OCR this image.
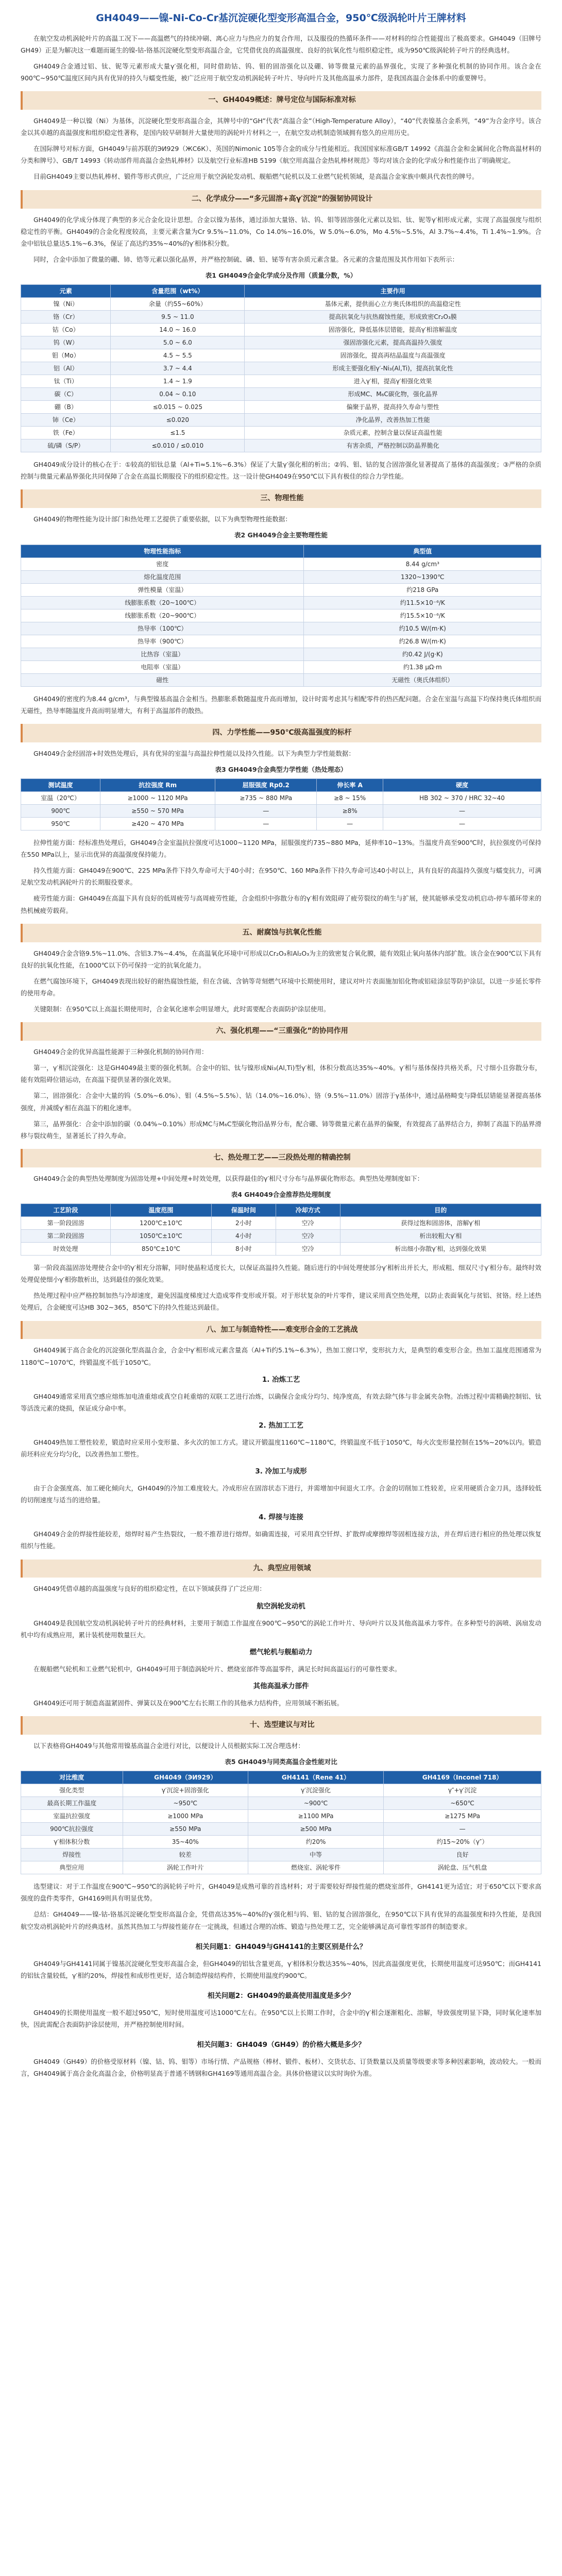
GH4049——镍-Ni-Co-Cr基沉淀硬化型变形高温合金，950℃级涡轮叶片王牌材料

在航空发动机涡轮叶片的高温工况下——高温燃气的持续冲刷、离心应力与热应力的复合作用，以及服役的热循环条件——对材料的综合性能提出了极高要求。GH4049（旧牌号GH49）正是为解决这一难题而诞生的镍-钴-铬基沉淀硬化型变形高温合金，它凭借优良的高温强度、良好的抗氧化性与组织稳定性，成为950℃级涡轮转子叶片的经典选材。

GH4049合金通过铝、钛、铌等元素形成大量γ′强化相，同时借助钴、钨、钼的固溶强化以及硼、铈等微量元素的晶界强化，实现了多种强化机制的协同作用。该合金在900℃~950℃温度区间内具有优异的持久与蠕变性能，被广泛应用于航空发动机涡轮转子叶片、导向叶片及其他高温承力部件，是我国高温合金体系中的重要牌号。

一、GH4049概述：牌号定位与国际标准对标

GH4049是一种以镍（Ni）为基体，沉淀硬化型变形高温合金，其牌号中的“GH”代表“高温合金”（High-Temperature Alloy），“40”代表镍基合金系列，“49”为合金序号。该合金以其卓越的高温强度和组织稳定性著称，是国内较早研制并大量使用的涡轮叶片材料之一，在航空发动机制造领域拥有悠久的应用历史。

在国际牌号对标方面，GH4049与前苏联的ЭИ929（ЖС6К）、英国的Nimonic 105等合金的成分与性能相近。我国国家标准GB/T 14992《高温合金和金属间化合物高温材料的分类和牌号》、GB/T 14993《转动部件用高温合金热轧棒材》以及航空行业标准HB 5199《航空用高温合金热轧棒材规范》等均对该合金的化学成分和性能作出了明确规定。

目前GH4049主要以热轧棒材、锻件等形式供应，广泛应用于航空涡轮发动机、舰船燃气轮机以及工业燃气轮机领域，是高温合金家族中颇具代表性的牌号。

二、化学成分——“多元固溶+高γ′沉淀”的强韧协同设计

GH4049的化学成分体现了典型的多元合金化设计思想。合金以镍为基体，通过添加大量铬、钴、钨、钼等固溶强化元素以及铝、钛、铌等γ′相形成元素，实现了高温强度与组织稳定性的平衡。GH4049的合金化程度较高，主要元素含量为Cr 9.5%~11.0%，Co 14.0%~16.0%，W 5.0%~6.0%，Mo 4.5%~5.5%，Al 3.7%~4.4%，Ti 1.4%~1.9%。合金中铝钛总量达5.1%~6.3%，保证了高达约35%~40%的γ′相体积分数。

同时，合金中添加了微量的硼、铈、锆等元素以强化晶界，并严格控制硫、磷、铅、铋等有害杂质元素含量。各元素的含量范围及其作用如下表所示：

表1 GH4049合金化学成分及作用（质量分数，%）
元素	含量范围（wt%）	主要作用
镍（Ni）	余量（约55~60%）	基体元素，提供面心立方奥氏体组织的高温稳定性
铬（Cr）	9.5 ~ 11.0	提高抗氧化与抗热腐蚀性能，形成致密Cr₂O₃膜
钴（Co）	14.0 ~ 16.0	固溶强化，降低基体层错能，提高γ′相溶解温度
钨（W）	5.0 ~ 6.0	强固溶强化元素，提高高温持久强度
钼（Mo）	4.5 ~ 5.5	固溶强化，提高再结晶温度与高温强度
铝（Al）	3.7 ~ 4.4	形成主要强化相γ′-Ni₃(Al,Ti)，提高抗氧化性
钛（Ti）	1.4 ~ 1.9	进入γ′相，提高γ′相强化效果
碳（C）	0.04 ~ 0.10	形成MC、M₆C碳化物，强化晶界
硼（B）	≤0.015 ~ 0.025	偏聚于晶界，提高持久寿命与塑性
铈（Ce）	≤0.020	净化晶界，改善热加工性能
铁（Fe）	≤1.5	杂质元素，控制含量以保证高温性能
硫/磷（S/P）	≤0.010 / ≤0.010	有害杂质，严格控制以防晶界脆化

GH4049成分设计的核心在于：①较高的铝钛总量（Al+Ti≈5.1%~6.3%）保证了大量γ′强化相的析出；②钨、钼、钴的复合固溶强化显著提高了基体的高温强度；③严格的杂质控制与微量元素晶界强化共同保障了合金在高温长期服役下的组织稳定性。这一设计使GH4049在950℃以下具有极佳的综合力学性能。

三、物理性能

GH4049的物理性能为设计部门和热处理工艺提供了重要依据，以下为典型物理性能数据：

表2 GH4049合金主要物理性能
物理性能指标	典型值
密度	8.44 g/cm³
熔化温度范围	1320~1390℃
弹性模量（室温）	约218 GPa
线膨胀系数（20~100℃）	约11.5×10⁻⁶/K
线膨胀系数（20~900℃）	约15.5×10⁻⁶/K
热导率（100℃）	约10.5 W/(m·K)
热导率（900℃）	约26.8 W/(m·K)
比热容（室温）	约0.42 J/(g·K)
电阻率（室温）	约1.38 μΩ·m
磁性	无磁性（奥氏体组织）

GH4049的密度约为8.44 g/cm³，与典型镍基高温合金相当。热膨胀系数随温度升高而增加，设计时需考虑其与相配零件的热匹配问题。合金在室温与高温下均保持奥氏体组织而无磁性，热导率随温度升高而明显增大，有利于高温部件的散热。

四、力学性能——950℃级高温强度的标杆

GH4049合金经固溶+时效热处理后，具有优异的室温与高温拉伸性能以及持久性能。以下为典型力学性能数据：

表3 GH4049合金典型力学性能（热处理态）
测试温度	抗拉强度 Rm	屈服强度 Rp0.2	伸长率 A	硬度
室温（20℃）	≥1000 ~ 1120 MPa	≥735 ~ 880 MPa	≥8 ~ 15%	HB 302 ~ 370 / HRC 32~40
900℃	≥550 ~ 570 MPa	—	≥8%	—
950℃	≥420 ~ 470 MPa	—	—	—

拉伸性能方面：经标准热处理后，GH4049合金室温抗拉强度可达1000~1120 MPa，屈服强度约735~880 MPa，延伸率10~13%。当温度升高至900℃时，抗拉强度仍可保持在550 MPa以上，显示出优异的高温强度保持能力。

持久性能方面：GH4049在900℃、225 MPa条件下持久寿命可大于40小时；在950℃、160 MPa条件下持久寿命可达40小时以上，具有良好的高温持久强度与蠕变抗力，可满足航空发动机涡轮叶片的长期服役要求。

疲劳性能方面：GH4049在高温下具有良好的低周疲劳与高周疲劳性能，合金组织中弥散分布的γ′相有效阻碍了疲劳裂纹的萌生与扩展，使其能够承受发动机启动-停车循环带来的热机械疲劳载荷。

五、耐腐蚀与抗氧化性能

GH4049合金含铬9.5%~11.0%、含铝3.7%~4.4%，在高温氧化环境中可形成以Cr₂O₃和Al₂O₃为主的致密复合氧化膜，能有效阻止氧向基体内部扩散。该合金在900℃以下具有良好的抗氧化性能，在1000℃以下仍可保持一定的抗氧化能力。

在燃气腐蚀环境下，GH4049表现出较好的耐热腐蚀性能，但在含硫、含钠等苛刻燃气环境中长期使用时，建议对叶片表面施加铝化物或铝硅涂层等防护涂层，以进一步延长零件的使用寿命。

关键限制：在950℃以上高温长期使用时，合金氧化速率会明显增大，此时需要配合表面防护涂层使用。

六、强化机理——“三重强化”的协同作用

GH4049合金的优异高温性能源于三种强化机制的协同作用：

第一，γ′相沉淀强化：这是GH4049最主要的强化机制。合金中的铝、钛与镍形成Ni₃(Al,Ti)型γ′相，体积分数高达35%~40%。γ′相与基体保持共格关系，尺寸细小且弥散分布，能有效阻碍位错运动，在高温下提供显著的强化效果。

第二，固溶强化：合金中大量的钨（5.0%~6.0%）、钼（4.5%~5.5%）、钴（14.0%~16.0%）、铬（9.5%~11.0%）固溶于γ基体中，通过晶格畸变与降低层错能显著提高基体强度，并减缓γ′相在高温下的粗化速率。

第三，晶界强化：合金中添加的碳（0.04%~0.10%）形成MC与M₆C型碳化物沿晶界分布，配合硼、铈等微量元素在晶界的偏聚，有效提高了晶界结合力，抑制了高温下的晶界滑移与裂纹萌生，显著延长了持久寿命。

七、热处理工艺——三段热处理的精确控制

GH4049合金的典型热处理制度为固溶处理+中间处理+时效处理，以获得最佳的γ′相尺寸分布与晶界碳化物形态。典型热处理制度如下：

表4 GH4049合金推荐热处理制度
工艺阶段	温度范围	保温时间	冷却方式	目的
第一阶段固溶	1200℃±10℃	2小时	空冷	获得过饱和固溶体，溶解γ′相
第二阶段固溶	1050℃±10℃	4小时	空冷	析出较粗大γ′相
时效处理	850℃±10℃	8小时	空冷	析出细小弥散γ′相，达到强化效果

第一阶段高温固溶处理使合金中的γ′相充分溶解，同时使晶粒适度长大，以保证高温持久性能。随后进行的中间处理使部分γ′相析出并长大，形成粗、细双尺寸γ′相分布。最终时效处理促使细小γ′相弥散析出，达到最佳的强化效果。

热处理过程中应严格控制加热与冷却速度，避免因温度梯度过大造成零件变形或开裂。对于形状复杂的叶片零件，建议采用真空热处理，以防止表面氧化与贫铝、贫铬。经上述热处理后，合金硬度可达HB 302~365，850℃下的持久性能达到最佳。

八、加工与制造特性——难变形合金的工艺挑战

GH4049属于高合金化的沉淀强化型高温合金，合金中γ′相形成元素含量高（Al+Ti约5.1%~6.3%），热加工窗口窄，变形抗力大，是典型的难变形合金。热加工温度范围通常为1180℃~1070℃，终锻温度不低于1050℃。

1. 冶炼工艺

GH4049通常采用真空感应熔炼加电渣重熔或真空自耗重熔的双联工艺进行冶炼，以确保合金成分均匀、纯净度高，有效去除气体与非金属夹杂物。冶炼过程中需精确控制铝、钛等活泼元素的烧损，保证成分命中率。

2. 热加工工艺

GH4049热加工塑性较差，锻造时应采用小变形量、多火次的加工方式。建议开锻温度1160℃~1180℃，终锻温度不低于1050℃，每火次变形量控制在15%~20%以内。锻造前坯料应充分均匀化，以改善热加工塑性。

3. 冷加工与成形

由于合金强度高、加工硬化倾向大，GH4049的冷加工难度较大。冷成形应在固溶状态下进行，并需增加中间退火工序。合金的切削加工性较差，应采用硬质合金刀具，选择较低的切削速度与适当的进给量。

4. 焊接与连接

GH4049合金的焊接性能较差，熔焊时易产生热裂纹，一般不推荐进行熔焊。如确需连接，可采用真空钎焊、扩散焊或摩擦焊等固相连接方法，并在焊后进行相应的热处理以恢复组织与性能。

九、典型应用领域

GH4049凭借卓越的高温强度与良好的组织稳定性，在以下领域获得了广泛应用：

航空涡轮发动机

GH4049是我国航空发动机涡轮转子叶片的经典材料，主要用于制造工作温度在900℃~950℃的涡轮工作叶片、导向叶片以及其他高温承力零件。在多种型号的涡喷、涡扇发动机中均有成熟应用，累计装机使用数量巨大。

燃气轮机与舰船动力

在舰船燃气轮机和工业燃气轮机中，GH4049可用于制造涡轮叶片、燃烧室部件等高温零件，满足长时间高温运行的可靠性要求。

其他高温承力部件

GH4049还可用于制造高温紧固件、弹簧以及在900℃左右长期工作的其他承力结构件，应用领域不断拓展。

十、选型建议与对比

以下表格将GH4049与其他常用镍基高温合金进行对比，以便设计人员根据实际工况合理选材：

表5 GH4049与同类高温合金性能对比
对比维度	GH4049（ЭИ929）	GH4141（Rene 41）	GH4169（Inconel 718）
强化类型	γ′沉淀+固溶强化	γ′沉淀强化	γ″+γ′沉淀
最高长期工作温度	~950℃	~900℃	~650℃
室温抗拉强度	≥1000 MPa	≥1100 MPa	≥1275 MPa
900℃抗拉强度	≥550 MPa	≥500 MPa	—
γ′相体积分数	35~40%	约20%	约15~20%（γ″）
焊接性	较差	中等	良好
典型应用	涡轮工作叶片	燃烧室、涡轮零件	涡轮盘、压气机盘

选型建议：对于工作温度在900℃~950℃的涡轮转子叶片，GH4049是成熟可靠的首选材料；对于需要较好焊接性能的燃烧室部件，GH4141更为适宜；对于650℃以下要求高强度的盘件类零件，GH4169则具有明显优势。

总结：GH4049——镍-钴-铬基沉淀硬化型变形高温合金，凭借高达35%~40%的γ′强化相与钨、钼、钴的复合固溶强化，在950℃以下具有优异的高温强度和持久性能，是我国航空发动机涡轮叶片的经典选材。虽然其热加工与焊接性能存在一定挑战，但通过合理的冶炼、锻造与热处理工艺，完全能够满足高可靠性零部件的制造要求。

相关问题1：GH4049与GH4141的主要区别是什么？

GH4049与GH4141同属于镍基沉淀硬化型变形高温合金，但GH4049的铝钛含量更高，γ′相体积分数达35%~40%，因此高温强度更优，长期使用温度可达950℃；而GH4141的铝钛含量较低，γ′相约20%，焊接性和成形性更好，适合制造焊接结构件，长期使用温度约900℃。

相关问题2：GH4049的最高使用温度是多少？

GH4049的长期使用温度一般不超过950℃，短时使用温度可达1000℃左右。在950℃以上长期工作时，合金中的γ′相会逐渐粗化、溶解，导致强度明显下降，同时氧化速率加快，因此需配合表面防护涂层使用，并严格控制使用时间。

相关问题3：GH4049（GH49）的价格大概是多少？

GH4049（GH49）的价格受原材料（镍、钴、钨、钼等）市场行情、产品规格（棒材、锻件、板材）、交货状态、订货数量以及质量等级要求等多种因素影响，波动较大。一般而言，GH4049属于高合金化高温合金，价格明显高于普通不锈钢和GH4169等通用高温合金。具体价格建议以实时询价为准。
